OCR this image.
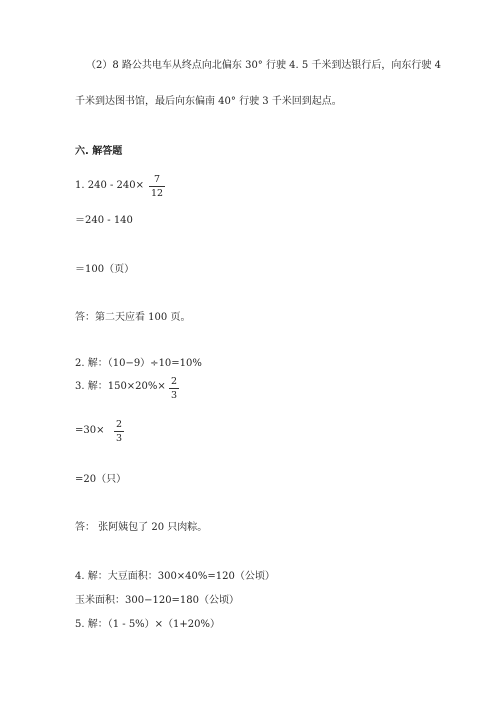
（2）8 路公共电车从终点向北偏东 30° 行驶 4. 5 千米到达银行后，向东行驶 4
千米到达图书馆，最后向东偏南 40° 行驶 3 千米回到起点。
六. 解答题
1. 240 - 240×
7
12
＝240 - 140
＝100（页）
答：第二天应看 100 页。
2. 解：（10−9）÷10=10%
3. 解：150×20%× 2
3
=30×
2
3
=20（只）
答： 张阿姨包了 20 只肉粽。
4. 解：大豆面积：300×40%=120（公顷）
玉米面积：300−120=180（公顷）
5. 解：（1 - 5%）×（1+20%）
